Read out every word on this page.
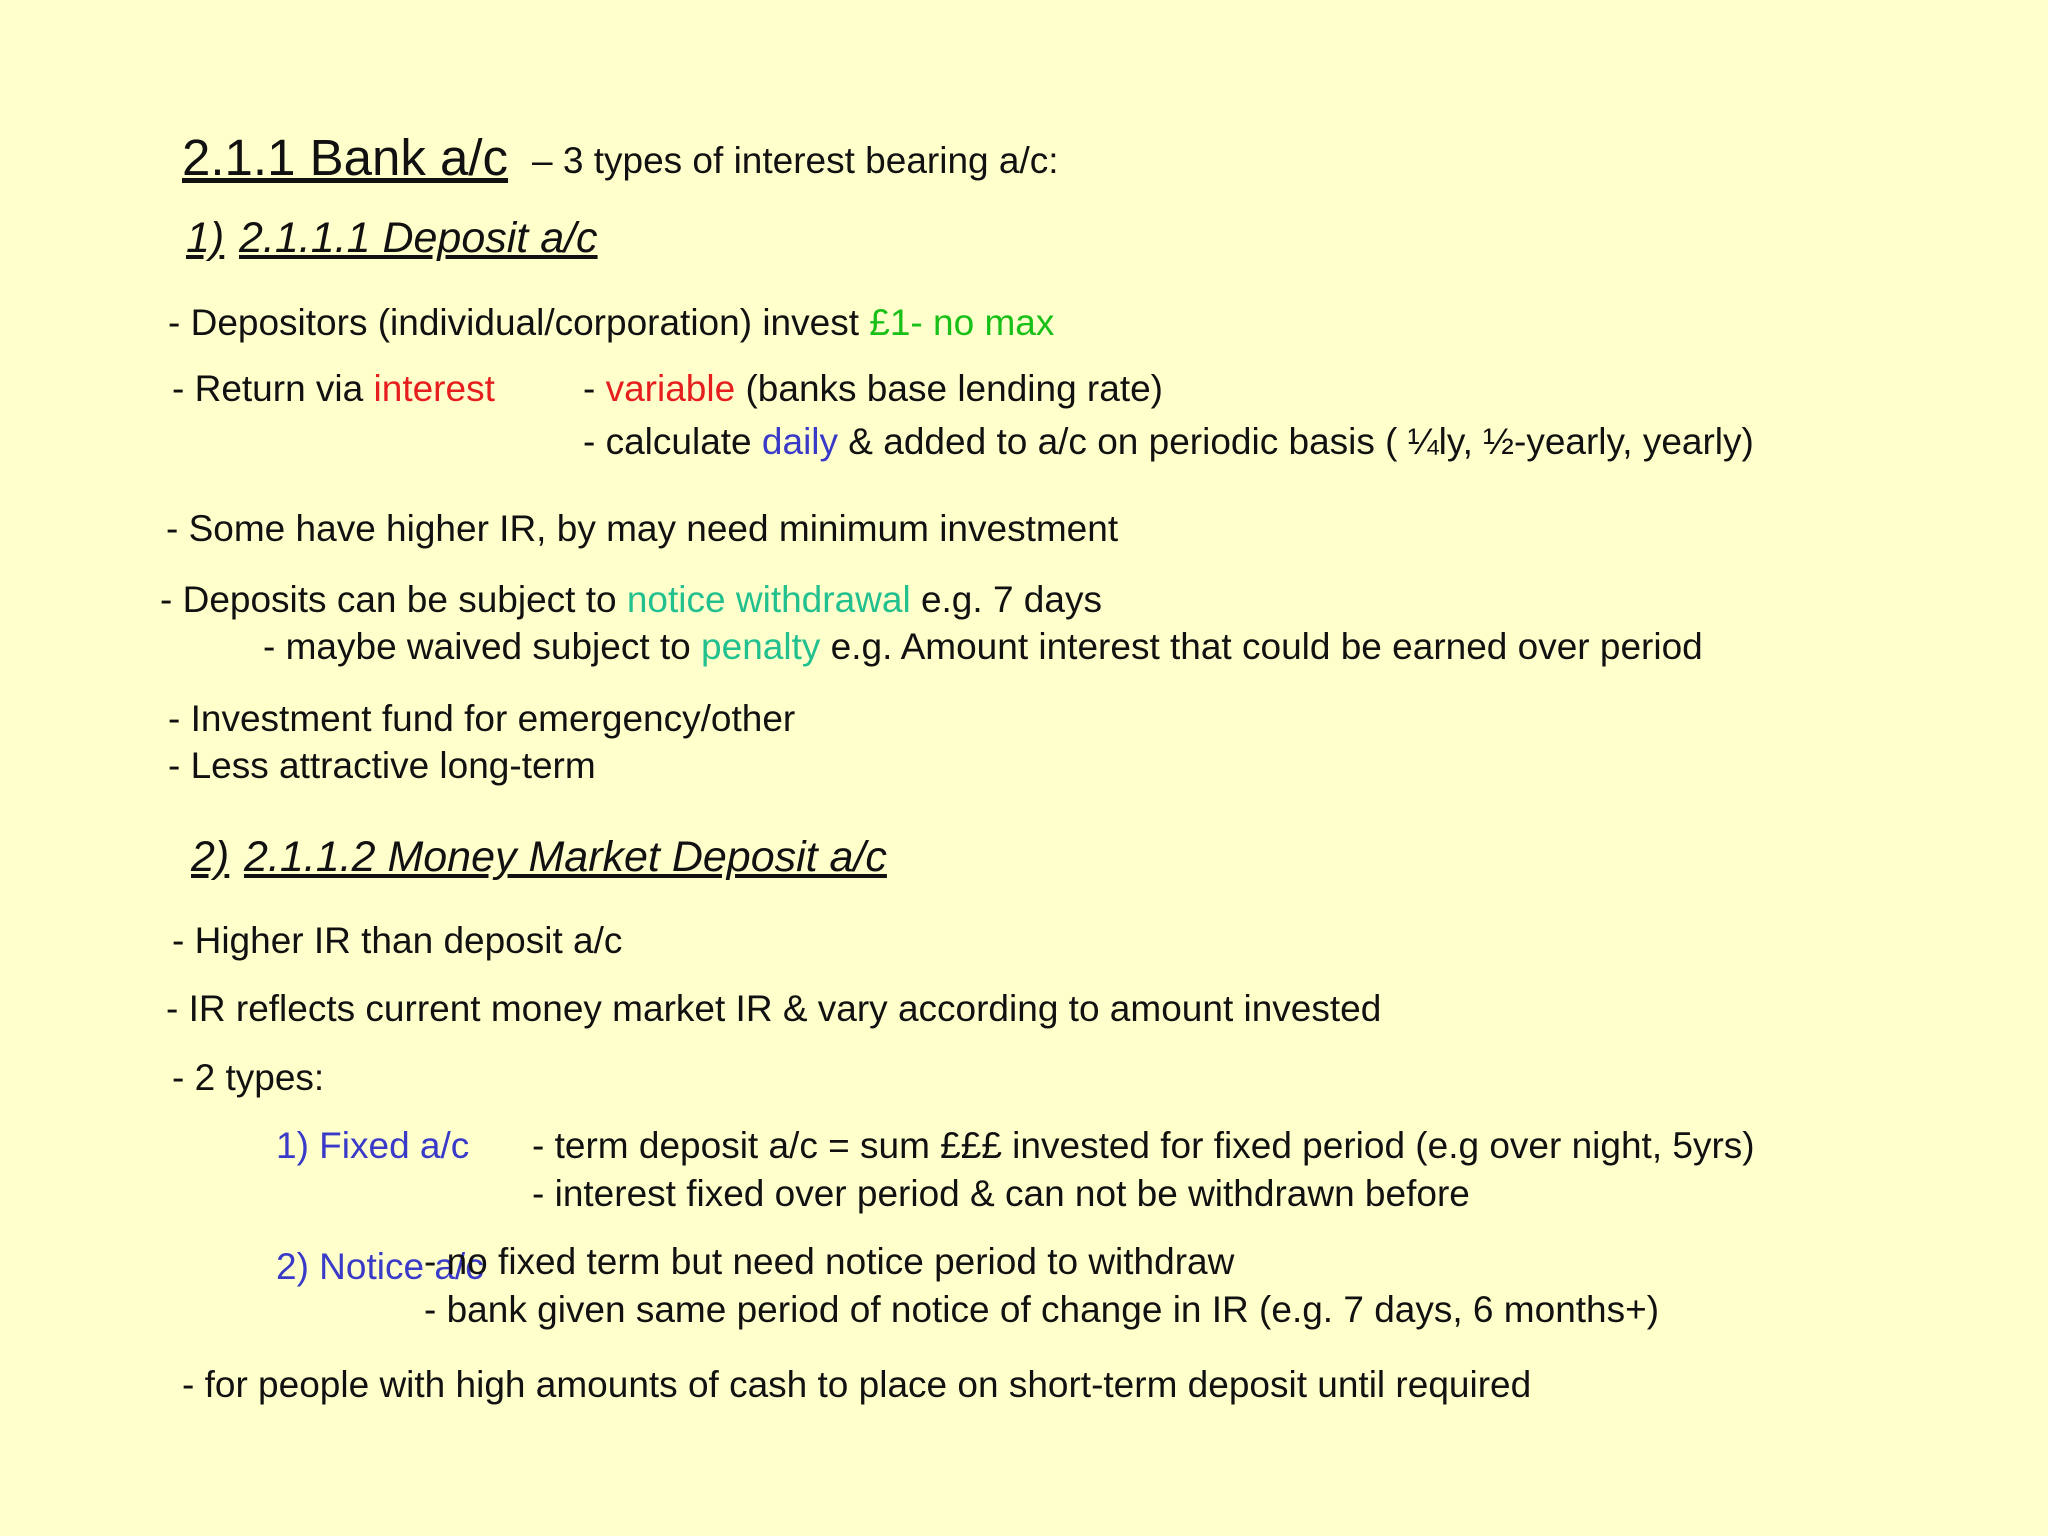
2.1.1 Bank a/c – 3 types of interest bearing a/c:
1) 2.1.1.1 Deposit a/c
- Depositors (individual/corporation) invest £1- no max
- Return via interest - variable (banks base lending rate)
- calculate daily & added to a/c on periodic basis ( ¼ly, ½-yearly, yearly)
- Some have higher IR, by may need minimum investment
- Deposits can be subject to notice withdrawal e.g. 7 days
- maybe waived subject to penalty e.g. Amount interest that could be earned over period
- Investment fund for emergency/other
- Less attractive long-term
2) 2.1.1.2 Money Market Deposit a/c
- Higher IR than deposit a/c
- IR reflects current money market IR & vary according to amount invested
- 2 types:
1) Fixed a/c - term deposit a/c = sum £££ invested for fixed period (e.g over night, 5yrs)
- interest fixed over period & can not be withdrawn before
2) Notice a/c
- no fixed term but need notice period to withdraw
- bank given same period of notice of change in IR (e.g. 7 days, 6 months+)
- for people with high amounts of cash to place on short-term deposit until required
